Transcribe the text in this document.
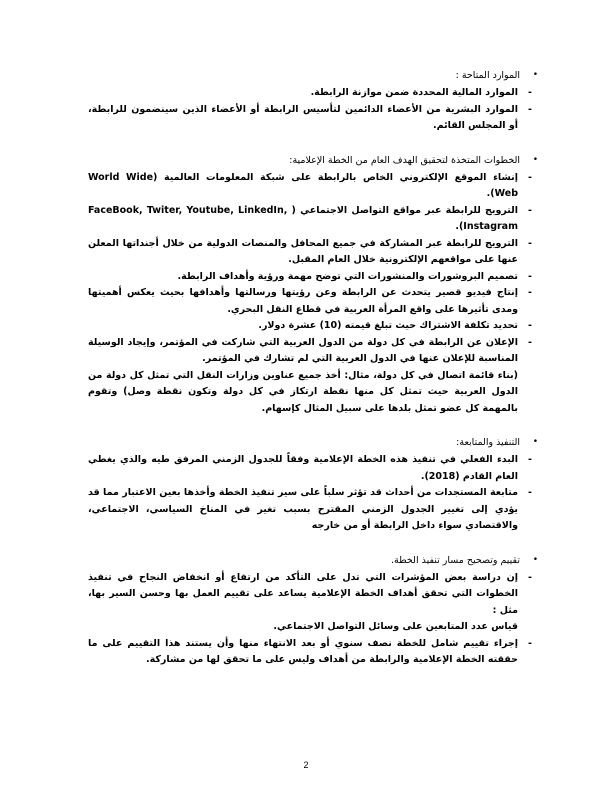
•
الموارد المتاحة :
-
الموارد المالية المحددة ضمن موازنة الرابطة.
-
الموارد البشرية من الأعضاء الدائمين لتأسيس الرابطة أو الأعضاء الذين سينضمون للرابطة، أو المجلس القائم.
•
الخطوات المتخذة لتحقيق الهدف العام من الخطة الإعلامية:
-
إنشاء الموقع الإلكتروني الخاص بالرابطة على شبكة المعلومات العالمية (World Wide Web).
-
الترويج للرابطة عبر مواقع التواصل الاجتماعي ( FaceBook, Twiter, Youtube, LinkedIn, Instagram).
-
الترويج للرابطة عبر المشاركة في جميع المحافل والمنصات الدولية من خلال أجنداتها المعلن عنها على مواقعهم الإلكترونية خلال العام المقبل.
-
تصميم البروشورات والمنشورات التي توضح مهمة ورؤية وأهداف الرابطة.
-
إنتاج فيديو قصير يتحدث عن الرابطة وعن رؤيتها ورسالتها وأهدافها بحيث يعكس أهميتها ومدى تأثيرها على واقع المرأة العربية في قطاع النقل البحري.
-
تحديد تكلفة الاشتراك حيث تبلغ قيمته (10) عشرة دولار.
-
الإعلان عن الرابطة في كل دولة من الدول العربية التي شاركت في المؤتمر، وإيجاد الوسيلة المناسبة للإعلان عنها في الدول العربية التي لم تشارك في المؤتمر.
(بناء قائمة اتصال في كل دولة، مثال: أخذ جميع عناوين وزارات النقل التي تمثل كل دولة من الدول العربية حيث تمثل كل منها نقطة ارتكاز في كل دولة وتكون نقطة وصل) وتقوم بالمهمة كل عضو تمثل بلدها على سبيل المثال كإسهام.
•
التنفيذ والمتابعة:
-
البدء الفعلي في تنفيذ هذه الخطة الإعلامية وفقاً للجدول الزمني المرفق طيه والذي يغطي العام القادم (2018).
-
متابعة المستجدات من أحداث قد تؤثر سلباً على سير تنفيذ الخطة وأخذها بعين الاعتبار مما قد يؤدي إلى تغيير الجدول الزمني المقترح بسبب تغير في المناخ السياسي، الاجتماعي، والاقتصادي سواء داخل الرابطة أو من خارجه
•
تقييم وتصحيح مسار تنفيذ الخطة.
-
إن دراسة بعض المؤشرات التي تدل على التأكد من ارتفاع أو انخفاض النجاح في تنفيذ الخطوات التي تحقق أهداف الخطة الإعلامية يساعد على تقييم العمل بها وحسن السير بها، مثل :
قياس عدد المتابعين على وسائل التواصل الاجتماعي.
-
إجراء تقييم شامل للخطة نصف سنوي أو بعد الانتهاء منها وأن يستند هذا التقييم على ما حققته الخطة الإعلامية والرابطة من أهداف وليس على ما تحقق لها من مشاركة.
2
